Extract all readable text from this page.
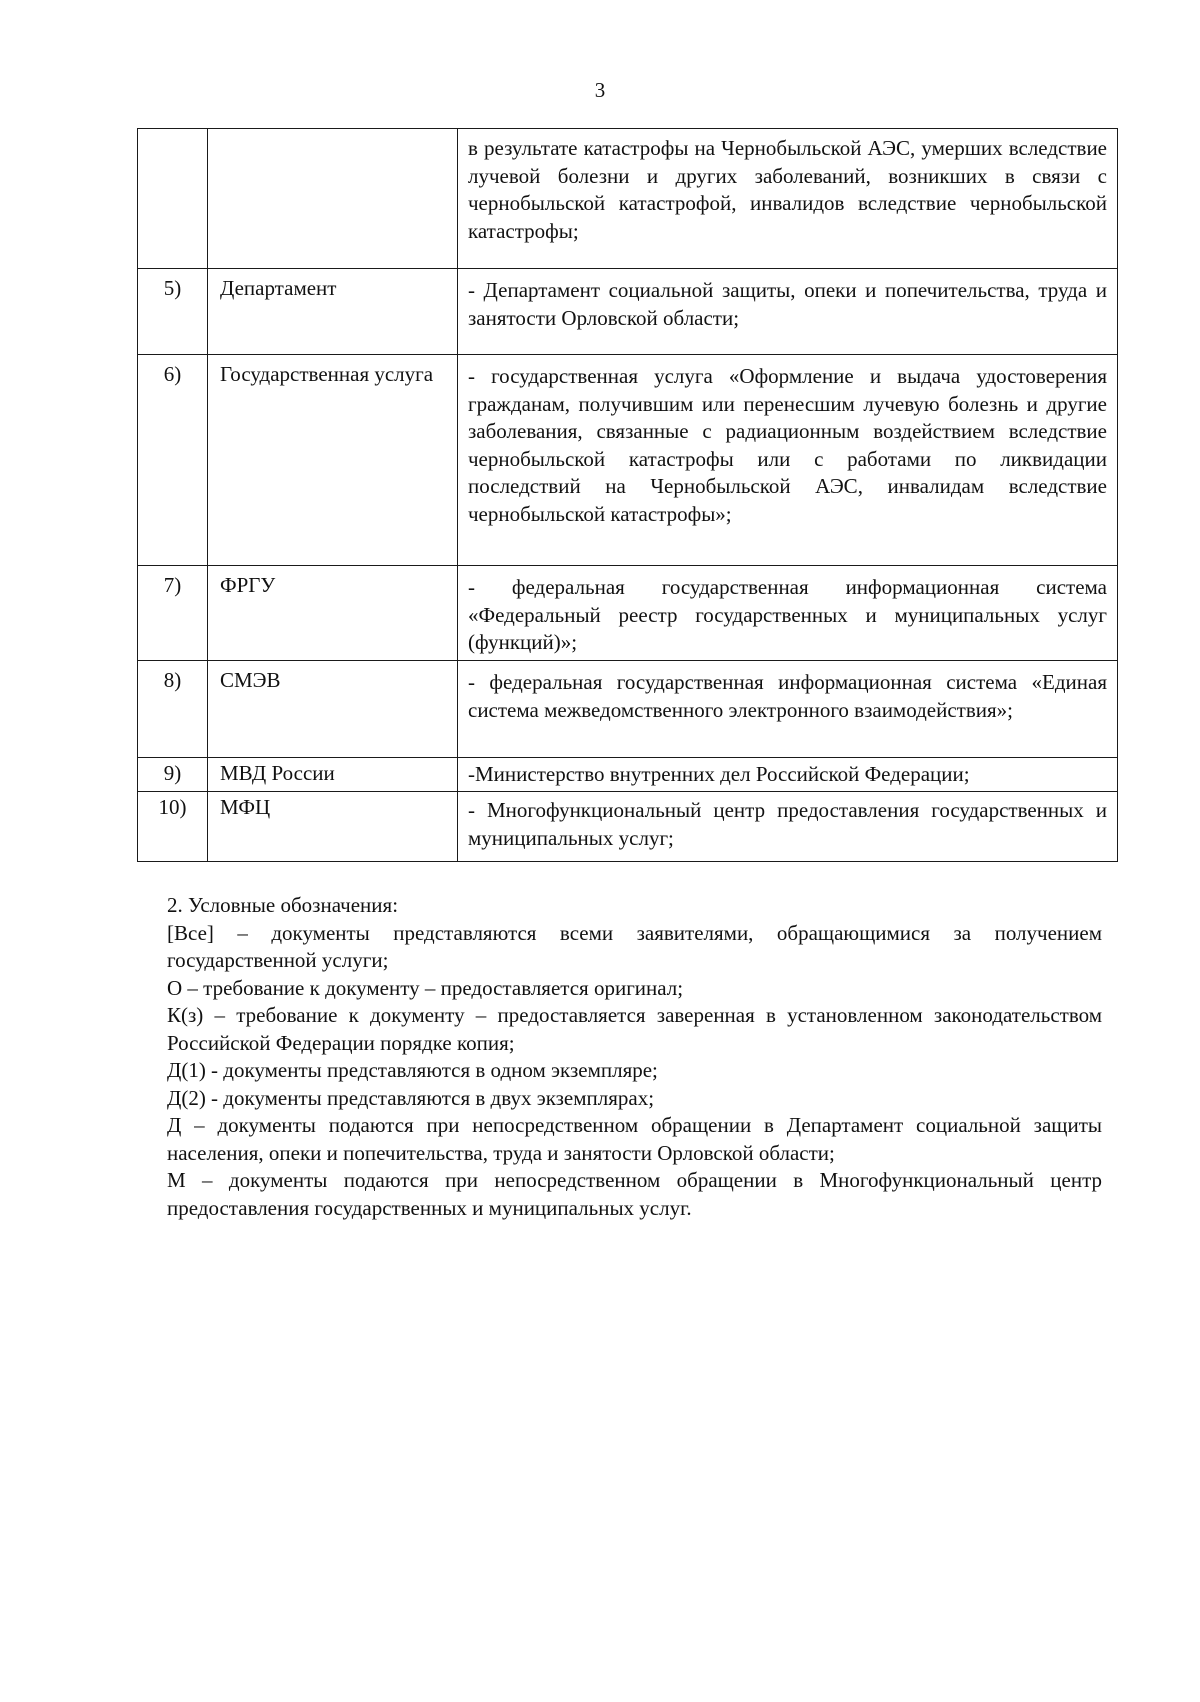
3
		в результате катастрофы на Чернобыльской АЭС, умерших вследствие лучевой болезни и других заболеваний, возникших в связи с чернобыльской катастрофой, инвалидов вследствие чернобыльской катастрофы;
5)	Департамент	- Департамент социальной защиты, опеки и попечительства, труда и занятости Орловской области;
6)	Государственная услуга	- государственная услуга «Оформление и выдача удостоверения гражданам, получившим или перенесшим лучевую болезнь и другие заболевания, связанные с радиационным воздействием вследствие чернобыльской катастрофы или с работами по ликвидации последствий на Чернобыльской АЭС, инвалидам вследствие чернобыльской катастрофы»;
7)	ФРГУ	- федеральная государственная информационная система «Федеральный реестр государственных и муниципальных услуг (функций)»;
8)	СМЭВ	- федеральная государственная информационная система «Единая система межведомственного электронного взаимодействия»;
9)	МВД России	-Министерство внутренних дел Российской Федерации;
10)	МФЦ	- Многофункциональный центр предоставления государственных и муниципальных услуг;

2. Условные обозначения:

[Все] – документы представляются всеми заявителями, обращающимися за получением государственной услуги;

О – требование к документу – предоставляется оригинал;

К(з) – требование к документу – предоставляется заверенная в установленном законодательством Российской Федерации порядке копия;

Д(1) - документы представляются в одном экземпляре;

Д(2) - документы представляются в двух экземплярах;

Д – документы подаются при непосредственном обращении в Департамент социальной защиты населения, опеки и попечительства, труда и занятости Орловской области;

М – документы подаются при непосредственном обращении в Многофункциональный центр предоставления государственных и муниципальных услуг.
